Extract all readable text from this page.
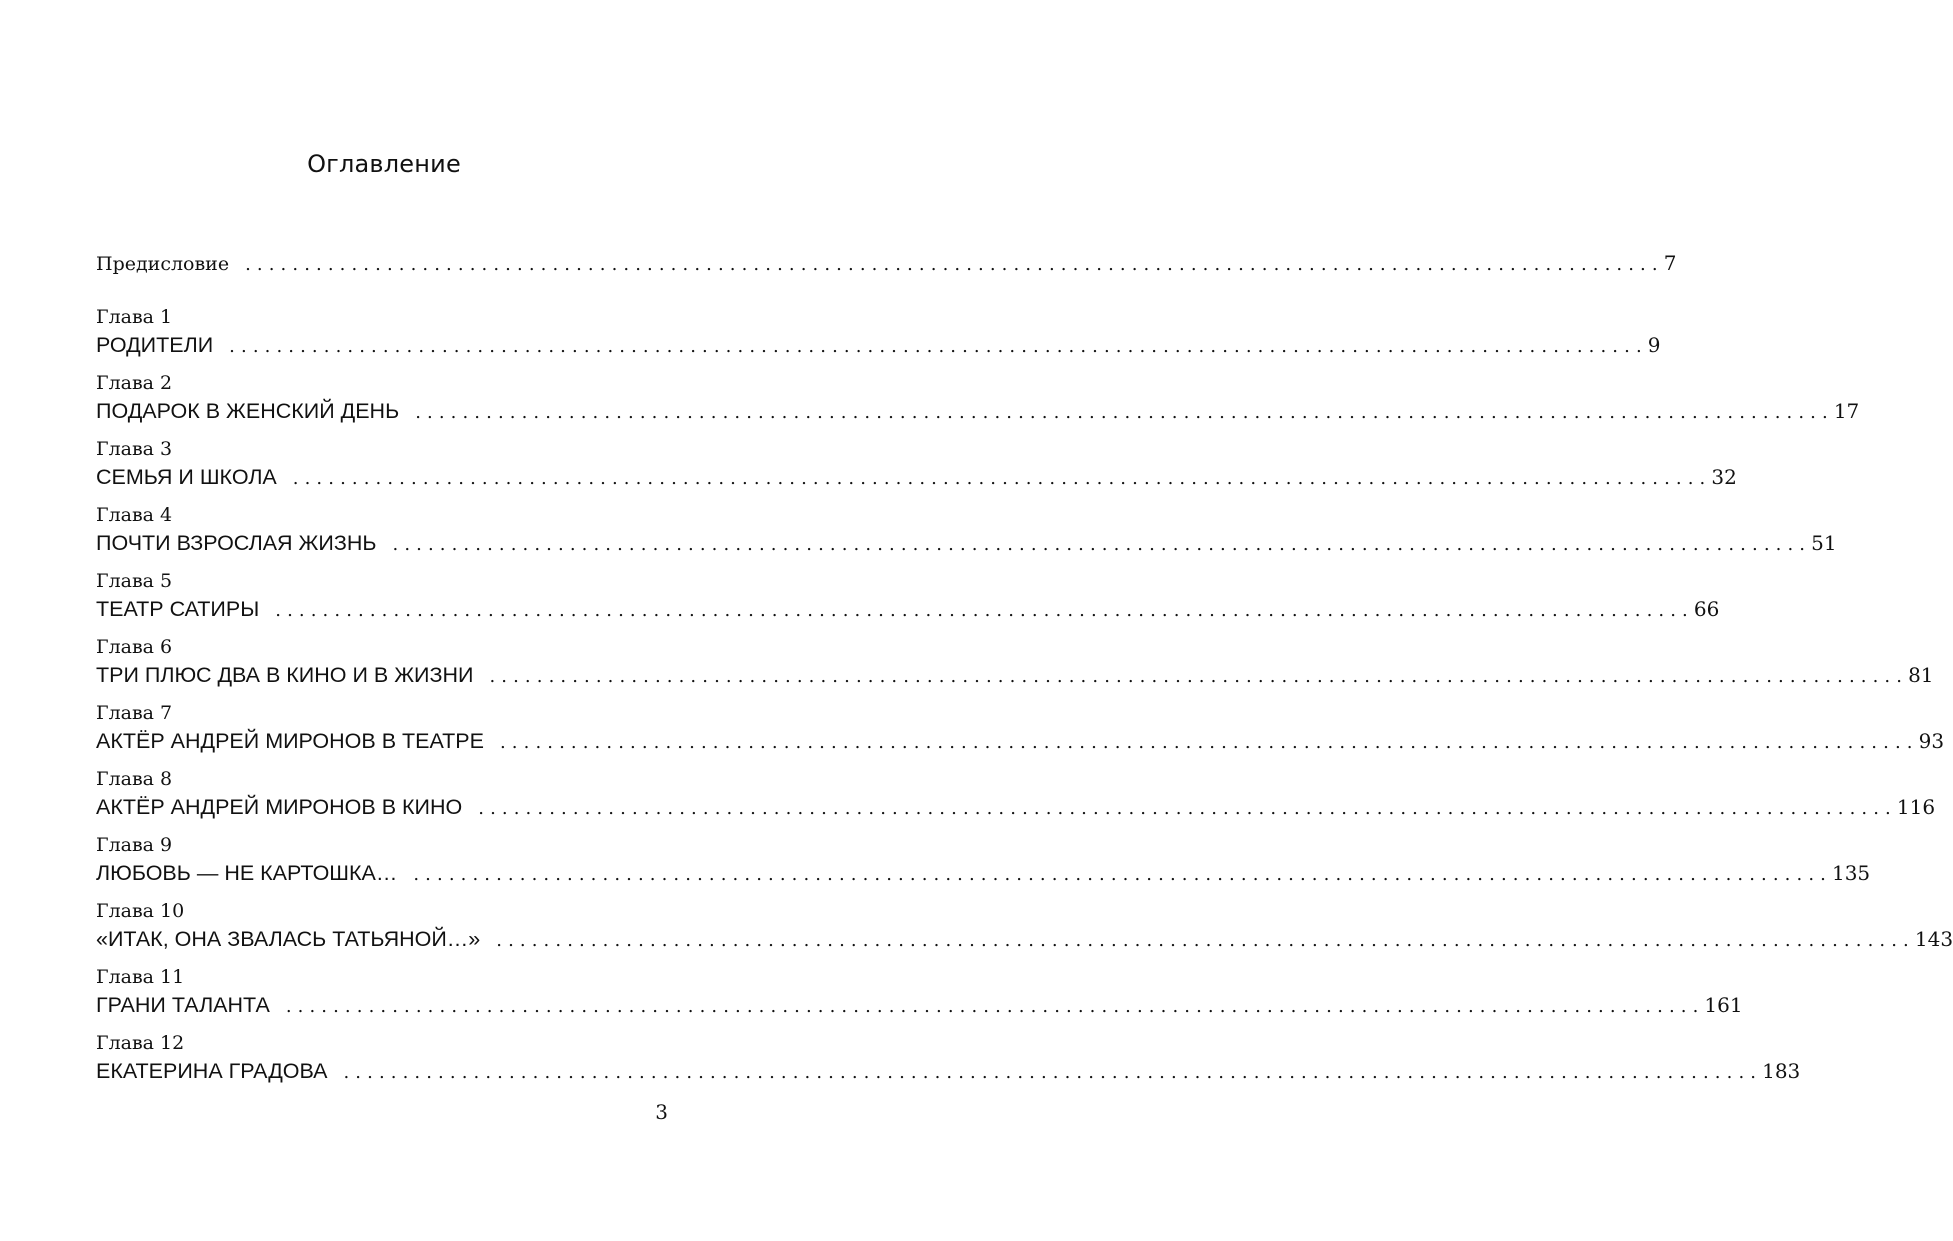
Оглавление
Предисловие ........................................................................................................................ 7
Глава 1
РОДИТЕЛИ ........................................................................................................................ 9
Глава 2
ПОДАРОК В ЖЕНСКИЙ ДЕНЬ ........................................................................................................................ 17
Глава 3
СЕМЬЯ И ШКОЛА ........................................................................................................................ 32
Глава 4
ПОЧТИ ВЗРОСЛАЯ ЖИЗНЬ ........................................................................................................................ 51
Глава 5
ТЕАТР САТИРЫ ........................................................................................................................ 66
Глава 6
ТРИ ПЛЮС ДВА В КИНО И В ЖИЗНИ ........................................................................................................................ 81
Глава 7
АКТЁР АНДРЕЙ МИРОНОВ В ТЕАТРЕ ........................................................................................................................ 93
Глава 8
АКТЁР АНДРЕЙ МИРОНОВ В КИНО ........................................................................................................................ 116
Глава 9
ЛЮБОВЬ — НЕ КАРТОШКА… ........................................................................................................................ 135
Глава 10
«ИТАК, ОНА ЗВАЛАСЬ ТАТЬЯНОЙ…» ........................................................................................................................ 143
Глава 11
ГРАНИ ТАЛАНТА ........................................................................................................................ 161
Глава 12
ЕКАТЕРИНА ГРАДОВА ........................................................................................................................ 183
3
